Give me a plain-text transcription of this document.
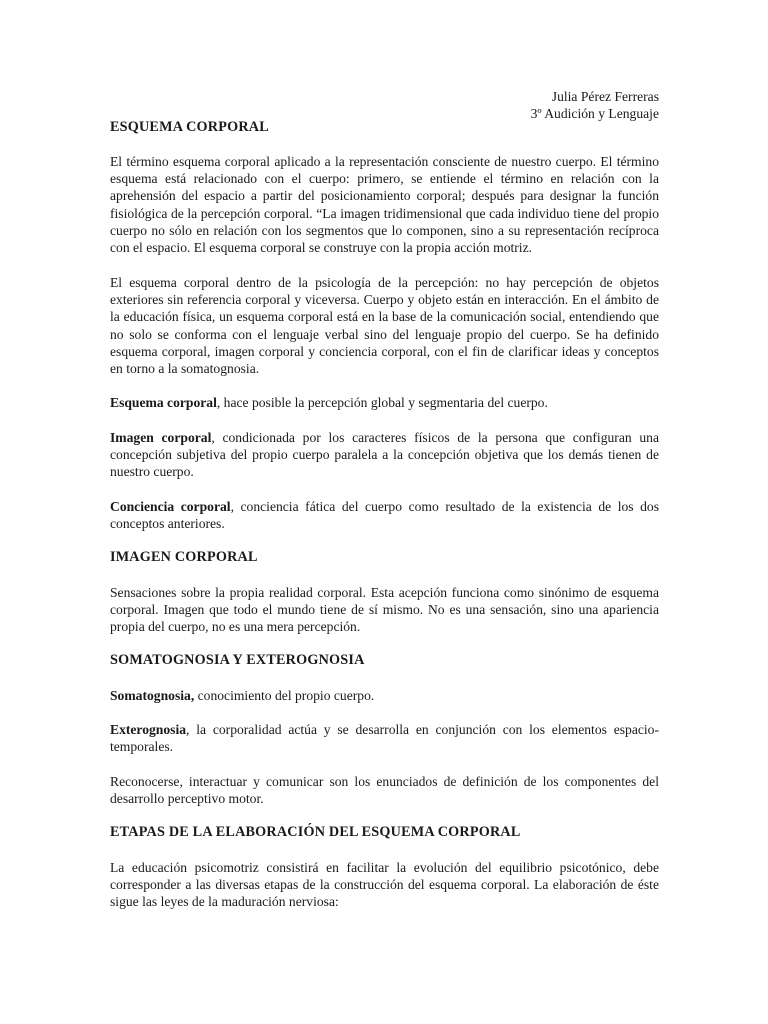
Julia Pérez Ferreras
3º Audición y Lenguaje
ESQUEMA CORPORAL

El término esquema corporal aplicado a la representación consciente de nuestro cuerpo. El término esquema está relacionado con el cuerpo: primero, se entiende el término en relación con la aprehensión del espacio a partir del posicionamiento corporal; después para designar la función fisiológica de la percepción corporal. “La imagen tridimensional que cada individuo tiene del propio cuerpo no sólo en relación con los segmentos que lo componen, sino a su representación recíproca con el espacio. El esquema corporal se construye con la propia acción motriz.

El esquema corporal dentro de la psicología de la percepción: no hay percepción de objetos exteriores sin referencia corporal y viceversa. Cuerpo y objeto están en interacción. En el ámbito de la educación física, un esquema corporal está en la base de la comunicación social, entendiendo que no solo se conforma con el lenguaje verbal sino del lenguaje propio del cuerpo. Se ha definido esquema corporal, imagen corporal y conciencia corporal, con el fin de clarificar ideas y conceptos en torno a la somatognosia.

Esquema corporal, hace posible la percepción global y segmentaria del cuerpo.

Imagen corporal, condicionada por los caracteres físicos de la persona que configuran una concepción subjetiva del propio cuerpo paralela a la concepción objetiva que los demás tienen de nuestro cuerpo.

Conciencia corporal, conciencia fática del cuerpo como resultado de la existencia de los dos conceptos anteriores.

IMAGEN CORPORAL

Sensaciones sobre la propia realidad corporal. Esta acepción funciona como sinónimo de esquema corporal. Imagen que todo el mundo tiene de sí mismo. No es una sensación, sino una apariencia propia del cuerpo, no es una mera percepción.

SOMATOGNOSIA Y EXTEROGNOSIA

Somatognosia, conocimiento del propio cuerpo.

Exterognosia, la corporalidad actúa y se desarrolla en conjunción con los elementos espacio-temporales.

Reconocerse, interactuar y comunicar son los enunciados de definición de los componentes del desarrollo perceptivo motor.

ETAPAS DE LA ELABORACIÓN DEL ESQUEMA CORPORAL

La educación psicomotriz consistirá en facilitar la evolución del equilibrio psicotónico, debe corresponder a las diversas etapas de la construcción del esquema corporal. La elaboración de éste sigue las leyes de la maduración nerviosa:
